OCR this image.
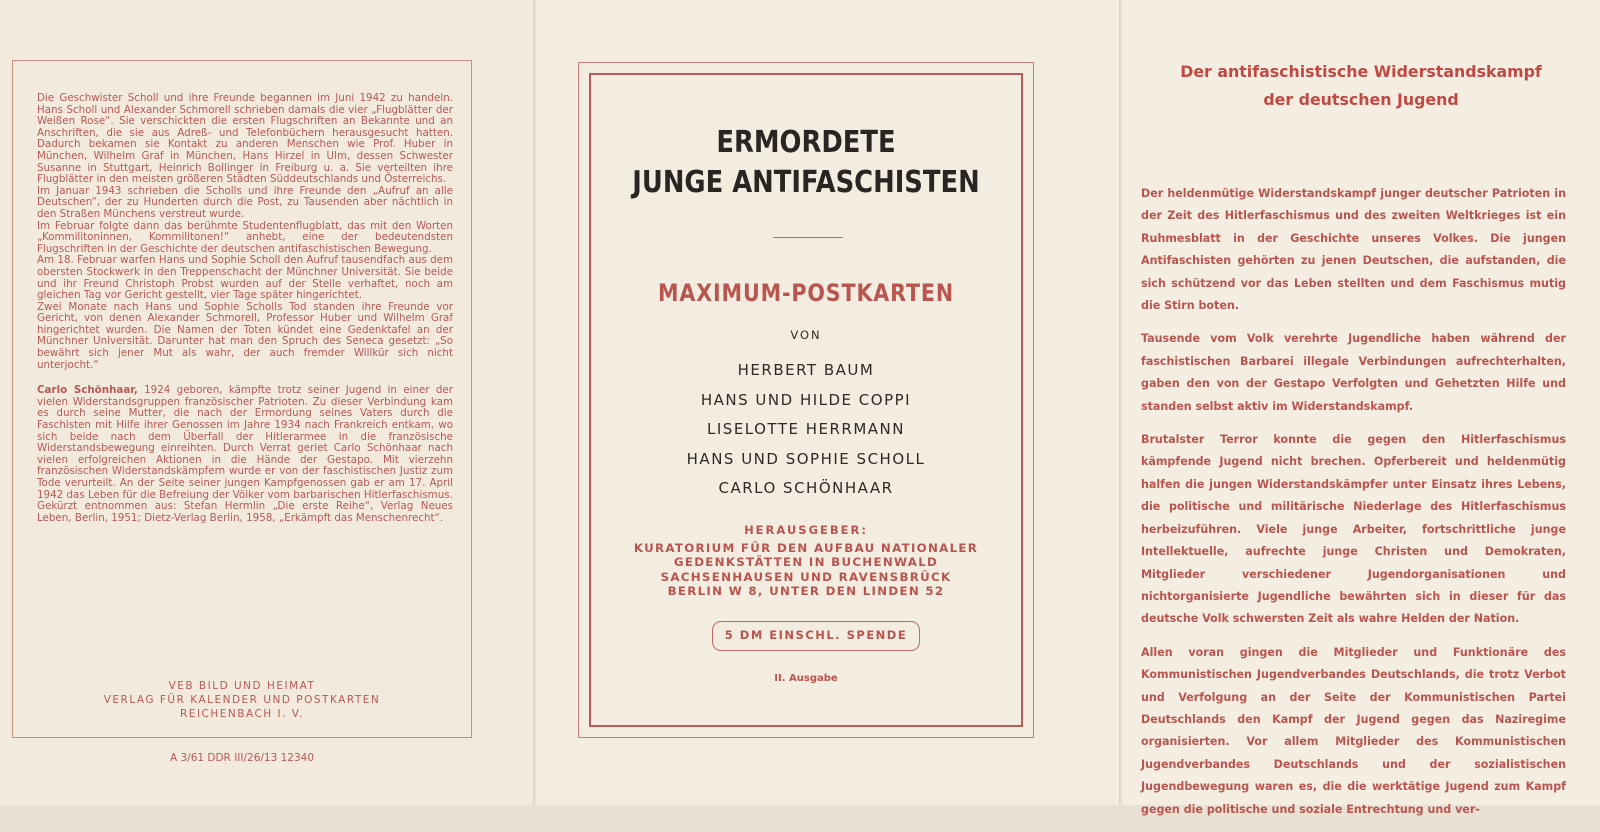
Die Geschwister Scholl und ihre Freunde begannen im Juni 1942 zu handeln. Hans Scholl und Alexander Schmorell schrieben damals die vier „Flugblätter der Weißen Rose“. Sie verschickten die ersten Flugschriften an Bekannte und an Anschriften, die sie aus Adreß- und Telefonbüchern herausgesucht hatten. Dadurch bekamen sie Kontakt zu anderen Menschen wie Prof. Huber in München, Wilhelm Graf in München, Hans Hirzel in Ulm, dessen Schwester Susanne in Stuttgart, Heinrich Bollinger in Freiburg u. a. Sie verteilten ihre Flugblätter in den meisten größeren Städten Süddeutschlands und Österreichs.

Im Januar 1943 schrieben die Scholls und ihre Freunde den „Aufruf an alle Deutschen“, der zu Hunderten durch die Post, zu Tausenden aber nächtlich in den Straßen Münchens verstreut wurde.

Im Februar folgte dann das berühmte Studentenflugblatt, das mit den Worten „Kommilitoninnen, Kommilitonen!“ anhebt, eine der bedeutendsten Flugschriften in der Geschichte der deutschen antifaschistischen Bewegung.

Am 18. Februar warfen Hans und Sophie Scholl den Aufruf tausendfach aus dem obersten Stockwerk in den Treppenschacht der Münchner Universität. Sie beide und ihr Freund Christoph Probst wurden auf der Stelle verhaftet, noch am gleichen Tag vor Gericht gestellt, vier Tage später hingerichtet.

Zwei Monate nach Hans und Sophie Scholls Tod standen ihre Freunde vor Gericht, von denen Alexander Schmorell, Professor Huber und Wilhelm Graf hingerichtet wurden. Die Namen der Toten kündet eine Gedenktafel an der Münchner Universität. Darunter hat man den Spruch des Seneca gesetzt: „So bewährt sich jener Mut als wahr, der auch fremder Willkür sich nicht unterjocht.“

Carlo Schönhaar, 1924 geboren, kämpfte trotz seiner Jugend in einer der vielen Widerstandsgruppen französischer Patrioten. Zu dieser Verbindung kam es durch seine Mutter, die nach der Ermordung seines Vaters durch die Faschisten mit Hilfe ihrer Genossen im Jahre 1934 nach Frankreich entkam, wo sich beide nach dem Überfall der Hitlerarmee in die französische Widerstandsbewegung einreihten. Durch Verrat geriet Carlo Schönhaar nach vielen erfolgreichen Aktionen in die Hände der Gestapo. Mit vierzehn französischen Widerstandskämpfern wurde er von der faschistischen Justiz zum Tode verurteilt. An der Seite seiner jungen Kampfgenossen gab er am 17. April 1942 das Leben für die Befreiung der Völker vom barbarischen Hitlerfaschismus.

Gekürzt entnommen aus: Stefan Hermlin „Die erste Reihe“, Verlag Neues Leben, Berlin, 1951; Dietz-Verlag Berlin, 1958, „Erkämpft das Menschenrecht“.

VEB BILD UND HEIMAT
VERLAG FÜR KALENDER UND POSTKARTEN
REICHENBACH I. V.
A 3/61 DDR III/26/13 12340
ERMORDETE
JUNGE ANTIFASCHISTEN
MAXIMUM-POSTKARTEN
VON
HERBERT BAUM
HANS UND HILDE COPPI
LISELOTTE HERRMANN
HANS UND SOPHIE SCHOLL
CARLO SCHÖNHAAR
HERAUSGEBER:
KURATORIUM FÜR DEN AUFBAU NATIONALER
GEDENKSTÄTTEN IN BUCHENWALD
SACHSENHAUSEN UND RAVENSBRÜCK
BERLIN W 8, UNTER DEN LINDEN 52
5 DM EINSCHL. SPENDE
II. Ausgabe
Der antifaschistische Widerstandskampf
der deutschen Jugend

Der heldenmütige Widerstandskampf junger deutscher Patrioten in der Zeit des Hitlerfaschismus und des zweiten Weltkrieges ist ein Ruhmesblatt in der Geschichte unseres Volkes. Die jungen Antifaschisten gehörten zu jenen Deutschen, die aufstanden, die sich schützend vor das Leben stellten und dem Faschismus mutig die Stirn boten.

Tausende vom Volk verehrte Jugendliche haben während der faschistischen Barbarei illegale Verbindungen aufrechterhalten, gaben den von der Gestapo Verfolgten und Gehetzten Hilfe und standen selbst aktiv im Widerstandskampf.

Brutalster Terror konnte die gegen den Hitlerfaschismus kämpfende Jugend nicht brechen. Opferbereit und heldenmütig halfen die jungen Widerstandskämpfer unter Einsatz ihres Lebens, die politische und militärische Niederlage des Hitlerfaschismus herbeizuführen. Viele junge Arbeiter, fortschrittliche junge Intellektuelle, aufrechte junge Christen und Demokraten, Mitglieder verschiedener Jugendorganisationen und nichtorganisierte Jugendliche bewährten sich in dieser für das deutsche Volk schwersten Zeit als wahre Helden der Nation.

Allen voran gingen die Mitglieder und Funktionäre des Kommunistischen Jugendverbandes Deutschlands, die trotz Verbot und Verfolgung an der Seite der Kommunistischen Partei Deutschlands den Kampf der Jugend gegen das Naziregime organisierten. Vor allem Mitglieder des Kommunistischen Jugendverbandes Deutschlands und der sozialistischen Jugendbewegung waren es, die die werktätige Jugend zum Kampf gegen die politische und soziale Entrechtung und ver-
